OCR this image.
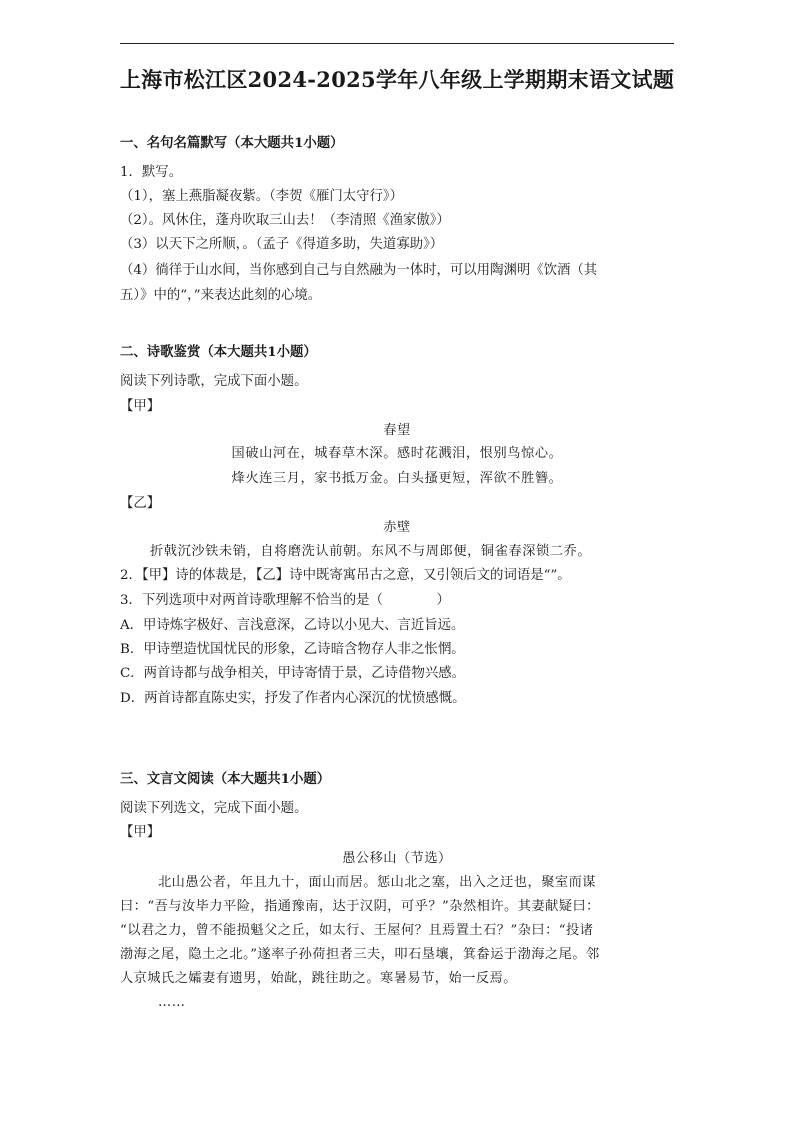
上海市松江区2024-2025学年八年级上学期期末语文试题
一、名句名篇默写（本大题共1小题）
1．默写。
（1），塞上燕脂凝夜紫。（李贺《雁门太守行》）
（2）。风休住，蓬舟吹取三山去！（李清照《渔家傲》）
（3）以天下之所顺，。（孟子《得道多助，失道寡助》）
（4）徜徉于山水间，当你感到自己与自然融为一体时，可以用陶渊明《饮酒（其
五）》中的“，”来表达此刻的心境。
二、诗歌鉴赏（本大题共1小题）
阅读下列诗歌，完成下面小题。
【甲】
春望
国破山河在，城春草木深。感时花溅泪，恨别鸟惊心。
烽火连三月，家书抵万金。白头搔更短，浑欲不胜簪。
【乙】
赤壁
折戟沉沙铁未销，自将磨洗认前朝。东风不与周郎便，铜雀春深锁二乔。
2．【甲】诗的体裁是，【乙】诗中既寄寓吊古之意，又引领后文的词语是“”。
3．下列选项中对两首诗歌理解不恰当的是（　　　　）
A．甲诗炼字极好、言浅意深，乙诗以小见大、言近旨远。
B．甲诗塑造忧国忧民的形象，乙诗暗含物存人非之怅惘。
C．两首诗都与战争相关，甲诗寄情于景，乙诗借物兴感。
D．两首诗都直陈史实，抒发了作者内心深沉的忧愤感慨。
三、文言文阅读（本大题共1小题）
阅读下列选文，完成下面小题。
【甲】
愚公移山（节选）
北山愚公者，年且九十，面山而居。惩山北之塞，出入之迂也，聚室而谋
曰：“吾与汝毕力平险，指通豫南，达于汉阴，可乎？”杂然相许。其妻献疑曰：
“以君之力，曾不能损魁父之丘，如太行、王屋何？且焉置土石？”杂曰：“投诸
渤海之尾，隐土之北。”遂率子孙荷担者三夫，叩石垦壤，箕畚运于渤海之尾。邻
人京城氏之孀妻有遗男，始龀，跳往助之。寒暑易节，始一反焉。
……
